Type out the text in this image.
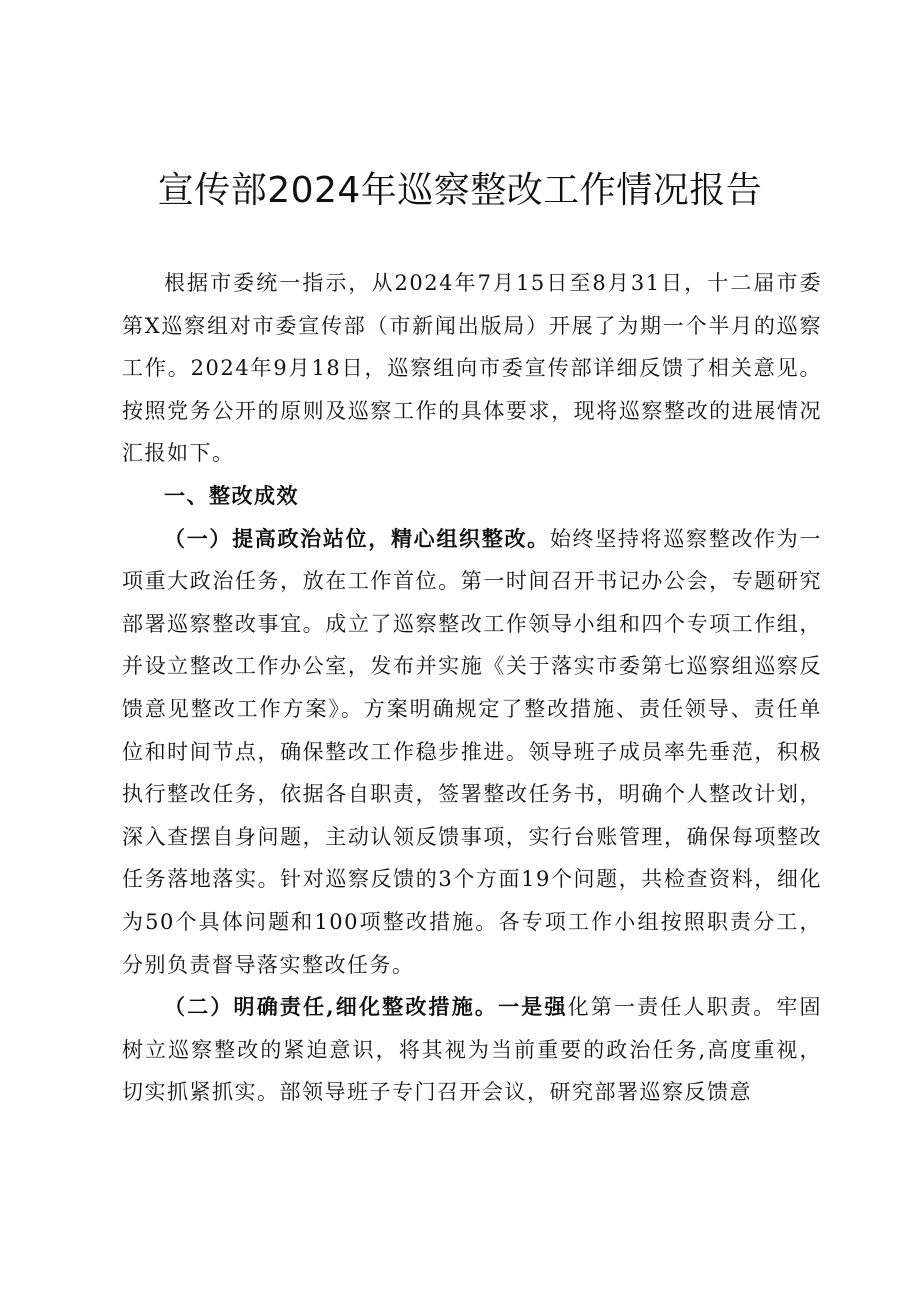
宣传部2024年巡察整改工作情况报告

根据市委统一指示，从2024年7月15日至8月31日，十二届市委第X巡察组对市委宣传部（市新闻出版局）开展了为期一个半月的巡察工作。2024年9月18日，巡察组向市委宣传部详细反馈了相关意见。按照党务公开的原则及巡察工作的具体要求，现将巡察整改的进展情况汇报如下。

一、整改成效

（一）提高政治站位，精心组织整改。始终坚持将巡察整改作为一项重大政治任务，放在工作首位。第一时间召开书记办公会，专题研究部署巡察整改事宜。成立了巡察整改工作领导小组和四个专项工作组，并设立整改工作办公室，发布并实施《关于落实市委第七巡察组巡察反馈意见整改工作方案》。方案明确规定了整改措施、责任领导、责任单位和时间节点，确保整改工作稳步推进。领导班子成员率先垂范，积极执行整改任务，依据各自职责，签署整改任务书，明确个人整改计划，深入查摆自身问题，主动认领反馈事项，实行台账管理，确保每项整改任务落地落实。针对巡察反馈的3个方面19个问题，共检查资料，细化为50个具体问题和100项整改措施。各专项工作小组按照职责分工，分别负责督导落实整改任务。

（二）明确责任,细化整改措施。一是强化第一责任人职责。牢固树立巡察整改的紧迫意识，将其视为当前重要的政治任务,高度重视，切实抓紧抓实。部领导班子专门召开会议，研究部署巡察反馈意
